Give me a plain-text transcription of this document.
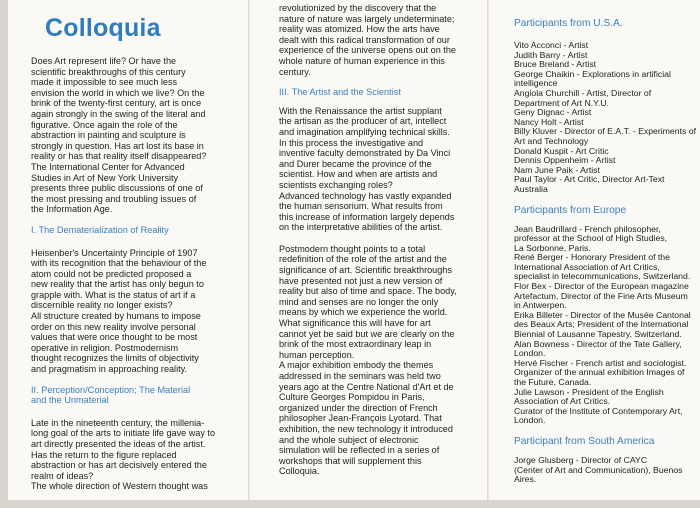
Colloquia

Does Art represent life? Or have the
scientific breakthroughs of this century
made it impossible to see much less
envision the world in which we live? On the
brink of the twenty-first century, art is once
again strongly in the swing of the literal and
figurative. Once again the role of the
abstraction in painting and sculpture is
strongly in question. Has art lost its base in
reality or has that reality itself disappeared?
The International Center for Advanced
Studies in Art of New York University
presents three public discussions of one of
the most pressing and troubling issues of
the Information Age.

I. The Dematerialization of Reality

Heisenber's Uncertainty Principle of 1907
with its recognition that the behaviour of the
atom could not be predicted proposed a
new reality that the artist has only begun to
grapple with. What is the status of art if a
discernible reality no longer exists?
All structure created by humans to impose
order on this new reality involve personal
values that were once thought to be most
operative in religion. Postmodernism
thought recognizes the limits of objectivity
and pragmatism in approaching reality.

II. Perception/Conception; The Material
and the Unmaterial

Late in the nineteenth century, the millenia-
long goal of the arts to initiate life gave way to
art directly presented the ideas of the artist.
Has the return to the figure replaced
abstraction or has art decisively entered the
realm of ideas?
The whole direction of Western thought was

revolutionized by the discovery that the
nature of nature was largely undeterminate;
reality was atomized. How the arts have
dealt with this radical transformation of our
experience of the universe opens out on the
whole nature of human experience in this
century.

III. The Artist and the Scientist

With the Renaissance the artist supplant
the artisan as the producer of art, intellect
and imagination amplifying technical skills.
In this process the investigative and
inventive faculty demonstrated by Da Vinci
and Durer became the province of the
scientist. How and when are artists and
scientists exchanging roles?
Advanced technology has vastly expanded
the human sensorium. What results from
this increase of information largely depends
on the interpretative abilities of the artist.

Postmodern thought points to a total
redefinition of the role of the artist and the
significance of art. Scientific breakthroughs
have presented not just a new version of
reality but also of time and space. The body,
mind and senses are no longer the only
means by which we experience the world.
What significance this will have for art
cannot yet be said but we are clearly on the
brink of the most extraordinary leap in
human perception.
A major exhibition embody the themes
addressed in the seminars was held two
years ago at the Centre National d'Art et de
Culture Georges Pompidou in Paris,
organized under the direction of French
philosopher Jean-François Lyotard. That
exhibition, the new technology it introduced
and the whole subject of electronic
simulation will be reflected in a series of
workshops that will supplement this
Colloquia.

Participants from U.S.A.

Vito Acconci - Artist
Judith Barry - Artist
Bruce Breland - Artist
George Chaikin - Explorations in artificial
intelligence
Angiola Churchill - Artist, Director of
Department of Art N.Y.U.
Geny Dignac - Artist
Nancy Holt - Artist
Billy Kluver - Director of E.A.T. - Experiments of
Art and Technology
Donald Kuspit - Art Critic
Dennis Oppenheim - Artist
Nam June Paik - Artist
Paul Taylor - Art Critic, Director Art-Text
Australia

Participants from Europe

Jean Baudrillard - French philosopher,
professor at the School of High Studies,
La Sorbonne, Paris.
René Berger - Honorary President of the
International Association of Art Critics,
specialist in telecommunications, Switzerland.
Flor Bex - Director of the European magazine
Artefactum, Director of the Fine Arts Museum
in Antwerpen.
Erika Billeter - Director of the Musée Cantonal
des Beaux Arts; President of the International
Biennial of Lausanne Tapestry, Switzerland.
Alan Bowness - Director of the Tate Gallery,
London.
Hervé Fischer - French artist and sociologist.
Organizer of the annual exhibition Images of
the Future, Canada.
Julie Lawson - President of the English
Association of Art Critics.
Curator of the Institute of Contemporary Art,
London.

Participant from South America

Jorge Glusberg - Director of CAYC
(Center of Art and Communication), Buenos
Aires.
